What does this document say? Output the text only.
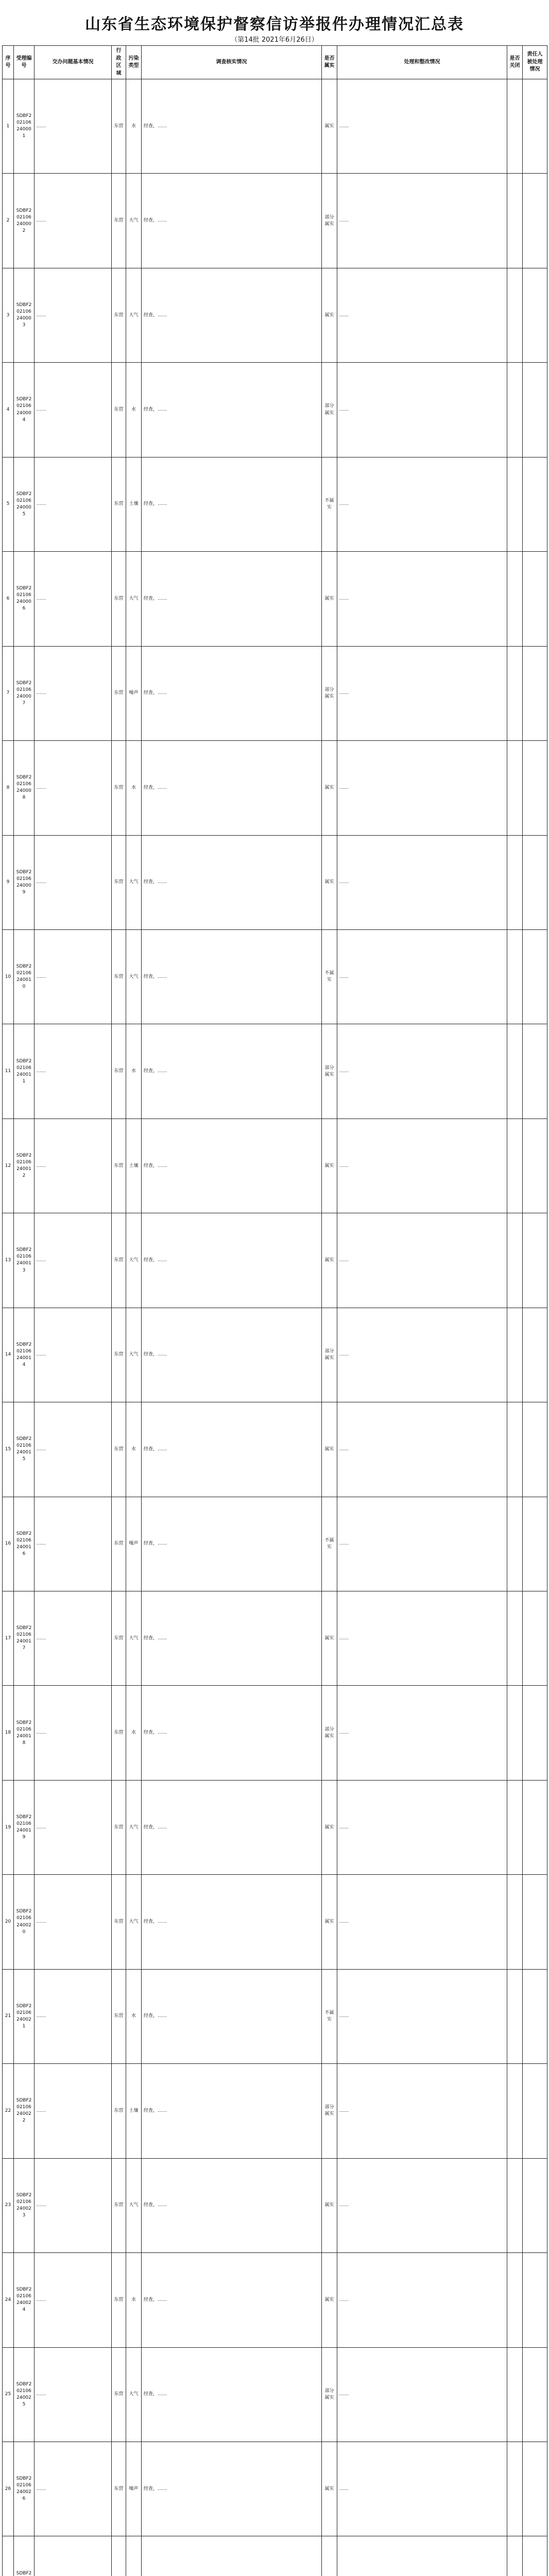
山东省生态环境保护督察信访举报件办理情况汇总表
（第14批 2021年6月26日）
序号	受理编号	交办问题基本情况	行政区域	污染类型	调查核实情况	是否属实	处理和整改情况	是否关闭	责任人被处理情况
1	SDBF202106240001	……	东营	水	经查，……	属实	……		
2	SDBF202106240002	……	东营	大气	经查，……	部分属实	……		
3	SDBF202106240003	……	东营	大气	经查，……	属实	……		
4	SDBF202106240004	……	东营	水	经查，……	部分属实	……		
5	SDBF202106240005	……	东营	土壤	经查，……	不属实	……		
6	SDBF202106240006	……	东营	大气	经查，……	属实	……		
7	SDBF202106240007	……	东营	噪声	经查，……	部分属实	……		
8	SDBF202106240008	……	东营	水	经查，……	属实	……		
9	SDBF202106240009	……	东营	大气	经查，……	属实	……		
10	SDBF202106240010	……	东营	大气	经查，……	不属实	……		
11	SDBF202106240011	……	东营	水	经查，……	部分属实	……		
12	SDBF202106240012	……	东营	土壤	经查，……	属实	……		
13	SDBF202106240013	……	东营	大气	经查，……	属实	……		
14	SDBF202106240014	……	东营	大气	经查，……	部分属实	……		
15	SDBF202106240015	……	东营	水	经查，……	属实	……		
16	SDBF202106240016	……	东营	噪声	经查，……	不属实	……		
17	SDBF202106240017	……	东营	大气	经查，……	属实	……		
18	SDBF202106240018	……	东营	水	经查，……	部分属实	……		
19	SDBF202106240019	……	东营	大气	经查，……	属实	……		
20	SDBF202106240020	……	东营	大气	经查，……	属实	……		
21	SDBF202106240021	……	东营	水	经查，……	不属实	……		
22	SDBF202106240022	……	东营	土壤	经查，……	部分属实	……		
23	SDBF202106240023	……	东营	大气	经查，……	属实	……		
24	SDBF202106240024	……	东营	水	经查，……	属实	……		
25	SDBF202106240025	……	东营	大气	经查，……	部分属实	……		
26	SDBF202106240026	……	东营	噪声	经查，……	属实	……		
	SDBF2								
